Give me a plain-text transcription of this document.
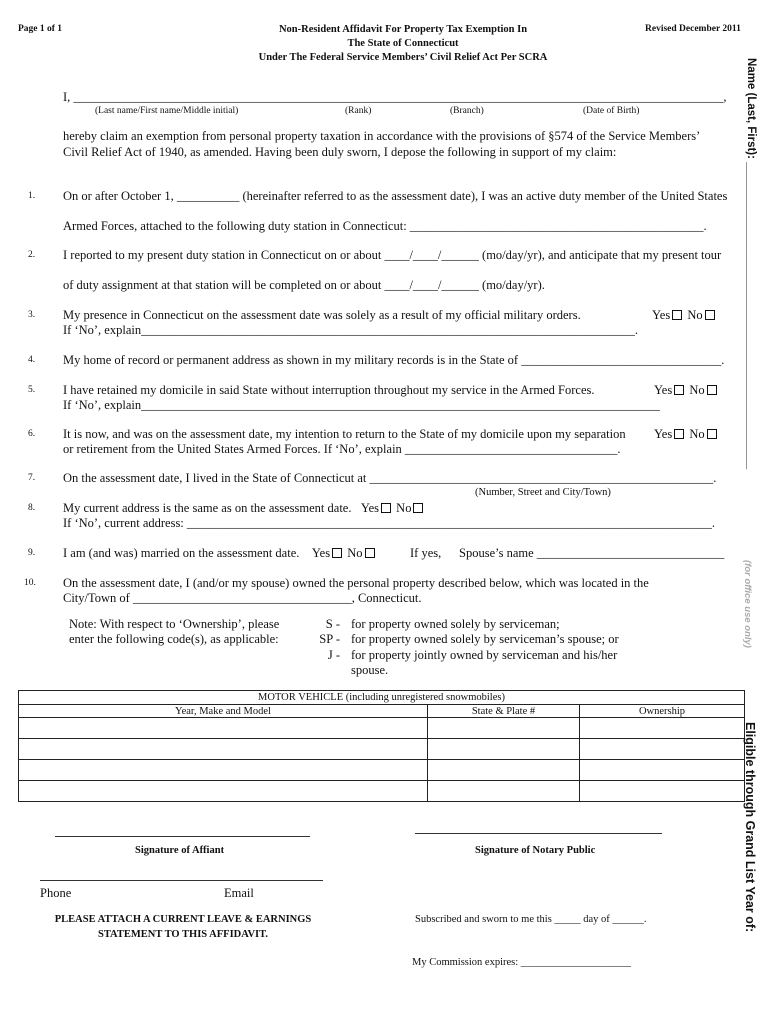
Page 1 of 1	Non-Resident Affidavit For Property Tax Exemption In
The State of Connecticut
Under The Federal Service Members’ Civil Relief Act Per SCRA
Revised December 2011
I, ________________________________________________________________________________________________________,
(Last name/First name/Middle initial)	(Rank)	(Branch)	(Date of Birth)
hereby claim an exemption from personal property taxation in accordance with the provisions of §574 of the Service Members’
Civil Relief Act of 1940, as amended. Having been duly sworn, I depose the following in support of my claim:
1. On or after October 1, __________ (hereinafter referred to as the assessment date), I was an active duty member of the United States
Armed Forces, attached to the following duty station in Connecticut: _______________________________________________.
2. I reported to my present duty station in Connecticut on or about ____/____/______ (mo/day/yr), and anticipate that my present tour
of duty assignment at that station will be completed on or about ____/____/______ (mo/day/yr).
3. My presence in Connecticut on the assessment date was solely as a result of my official military orders.	Yes No
If ‘No’, explain_______________________________________________________________________________.
4. My home of record or permanent address as shown in my military records is in the State of ________________________________.
5. I have retained my domicile in said State without interruption throughout my service in the Armed Forces.	Yes No
If ‘No’, explain___________________________________________________________________________________
6. It is now, and was on the assessment date, my intention to return to the State of my domicile upon my separation Yes No
or retirement from the United States Armed Forces. If ‘No’, explain __________________________________.
7. On the assessment date, I lived in the State of Connecticut at _______________________________________________________.
(Number, Street and City/Town)
8. My current address is the same as on the assessment date. Yes No
If ‘No’, current address: ____________________________________________________________________________________.
9. I am (and was) married on the assessment date. Yes No	If yes, Spouse’s name ______________________________
10. On the assessment date, I (and/or my spouse) owned the personal property described below, which was located in the
City/Town of ___________________________________, Connecticut.
Note: With respect to ‘Ownership’, please
enter the following code(s), as applicable:
S - for property owned solely by serviceman;
SP - for property owned solely by serviceman’s spouse; or
J - for property jointly owned by serviceman and his/her
spouse.
MOTOR VEHICLE (including unregistered snowmobiles)		
Year, Make and Model	State & Plate #	Ownership

Signature of Affiant	Signature of Notary Public
Phone	Email
PLEASE ATTACH A CURRENT LEAVE & EARNINGS
STATEMENT TO THIS AFFIDAVIT.
Subscribed and sworn to me this _____ day of ______.
My Commission expires: _____________________
Name (Last, First): ________________________________________________
(for office use only)
Eligible through Grand List Year of:
